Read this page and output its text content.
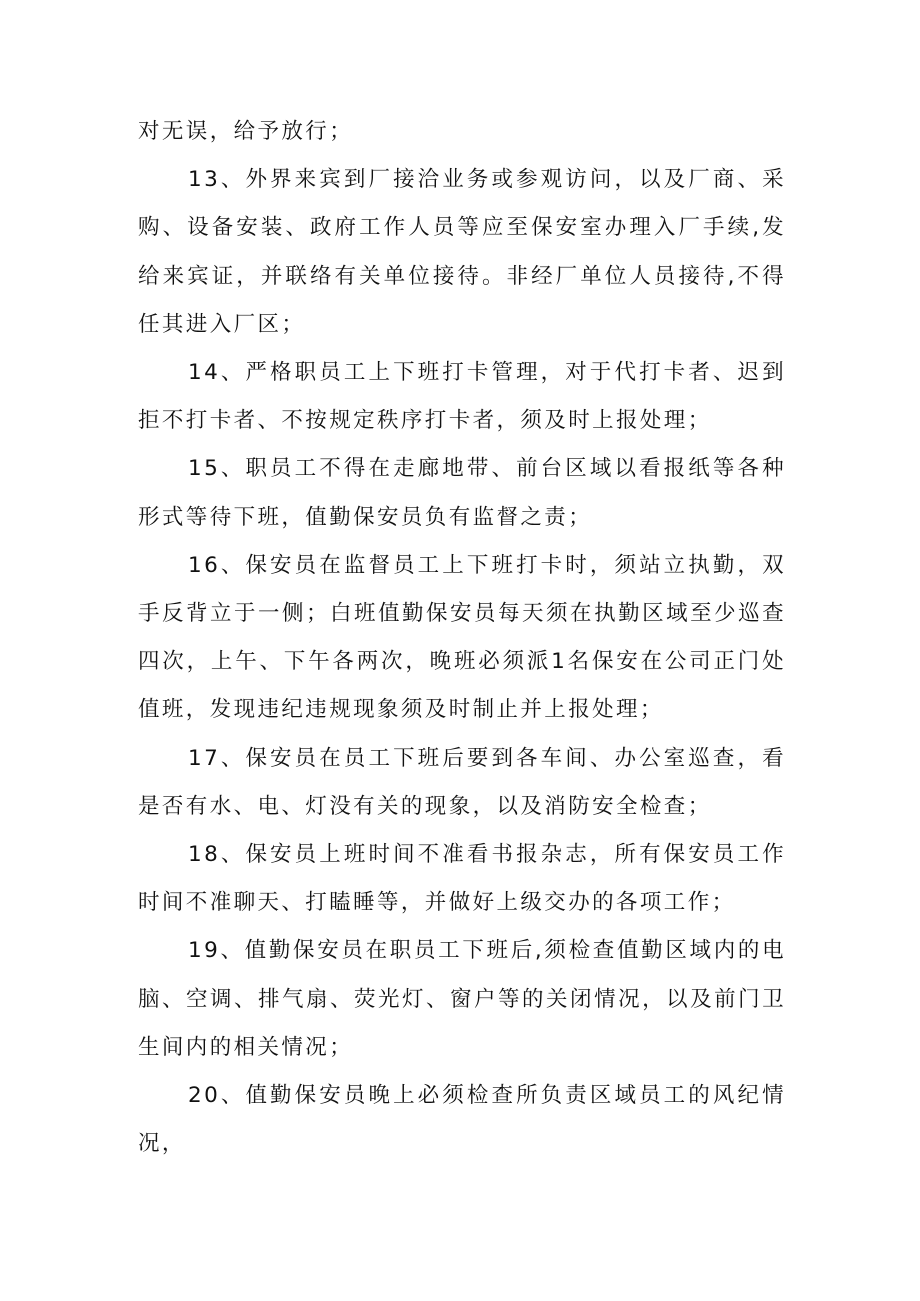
对无误，给予放行；

13、外界来宾到厂接洽业务或参观访问，以及厂商、采购、设备安装、政府工作人员等应至保安室办理入厂手续,发给来宾证，并联络有关单位接待。非经厂单位人员接待,不得任其进入厂区；

14、严格职员工上下班打卡管理，对于代打卡者、迟到拒不打卡者、不按规定秩序打卡者，须及时上报处理；

15、职员工不得在走廊地带、前台区域以看报纸等各种形式等待下班，值勤保安员负有监督之责；

16、保安员在监督员工上下班打卡时，须站立执勤，双手反背立于一侧；白班值勤保安员每天须在执勤区域至少巡查四次，上午、下午各两次，晚班必须派1名保安在公司正门处值班，发现违纪违规现象须及时制止并上报处理；

17、保安员在员工下班后要到各车间、办公室巡查，看是否有水、电、灯没有关的现象，以及消防安全检查；

18、保安员上班时间不准看书报杂志，所有保安员工作时间不准聊天、打瞌睡等，并做好上级交办的各项工作；

19、值勤保安员在职员工下班后,须检查值勤区域内的电脑、空调、排气扇、荧光灯、窗户等的关闭情况，以及前门卫生间内的相关情况；

20、值勤保安员晚上必须检查所负责区域员工的风纪情况，
